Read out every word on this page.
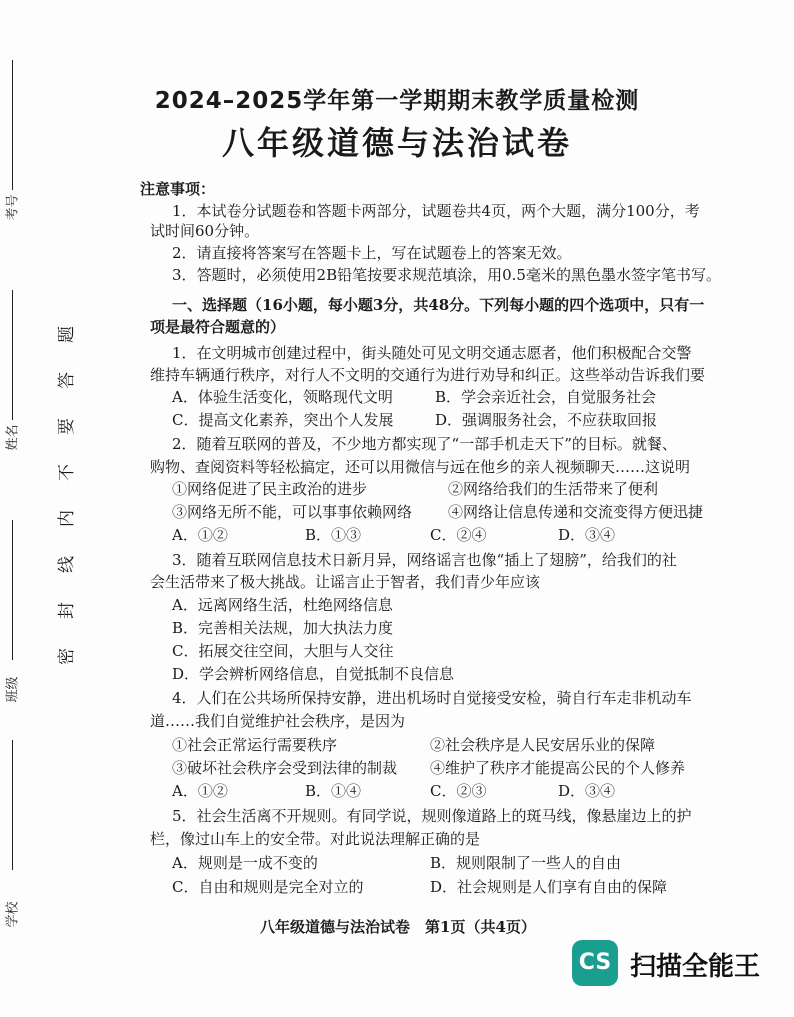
考号
姓名
班级
学校
题
答
要
不
内
线
封
密
2024–2025学年第一学期期末教学质量检测
八年级道德与法治试卷
注意事项：
1．本试卷分试题卷和答题卡两部分，试题卷共4页，两个大题，满分100分，考
试时间60分钟。
2．请直接将答案写在答题卡上，写在试题卷上的答案无效。
3．答题时，必须使用2B铅笔按要求规范填涂，用0.5毫米的黑色墨水签字笔书写。
一、选择题（16小题，每小题3分，共48分。下列每小题的四个选项中，只有一
项是最符合题意的）
1．在文明城市创建过程中，街头随处可见文明交通志愿者，他们积极配合交警
维持车辆通行秩序，对行人不文明的交通行为进行劝导和纠正。这些举动告诉我们要
A．体验生活变化，领略现代文明	B．学会亲近社会，自觉服务社会
C．提高文化素养，突出个人发展	D．强调服务社会，不应获取回报
2．随着互联网的普及，不少地方都实现了“一部手机走天下”的目标。就餐、
购物、查阅资料等轻松搞定，还可以用微信与远在他乡的亲人视频聊天……这说明
①网络促进了民主政治的进步	②网络给我们的生活带来了便利
③网络无所不能，可以事事依赖网络 ④网络让信息传递和交流变得方便迅捷
A．①②	B．①③	C．②④	D．③④
3．随着互联网信息技术日新月异，网络谣言也像“插上了翅膀”，给我们的社
会生活带来了极大挑战。让谣言止于智者，我们青少年应该
A．远离网络生活，杜绝网络信息
B．完善相关法规，加大执法力度
C．拓展交往空间，大胆与人交往
D．学会辨析网络信息，自觉抵制不良信息
4．人们在公共场所保持安静，进出机场时自觉接受安检，骑自行车走非机动车
道……我们自觉维护社会秩序，是因为
①社会正常运行需要秩序	②社会秩序是人民安居乐业的保障
③破坏社会秩序会受到法律的制裁 ④维护了秩序才能提高公民的个人修养
A．①②	B．①④	C．②③	D．③④
5．社会生活离不开规则。有同学说，规则像道路上的斑马线，像悬崖边上的护
栏，像过山车上的安全带。对此说法理解正确的是
A．规则是一成不变的	B．规则限制了一些人的自由
C．自由和规则是完全对立的	D．社会规则是人们享有自由的保障
八年级道德与法治试卷　第1页（共4页）
CS 扫描全能王
